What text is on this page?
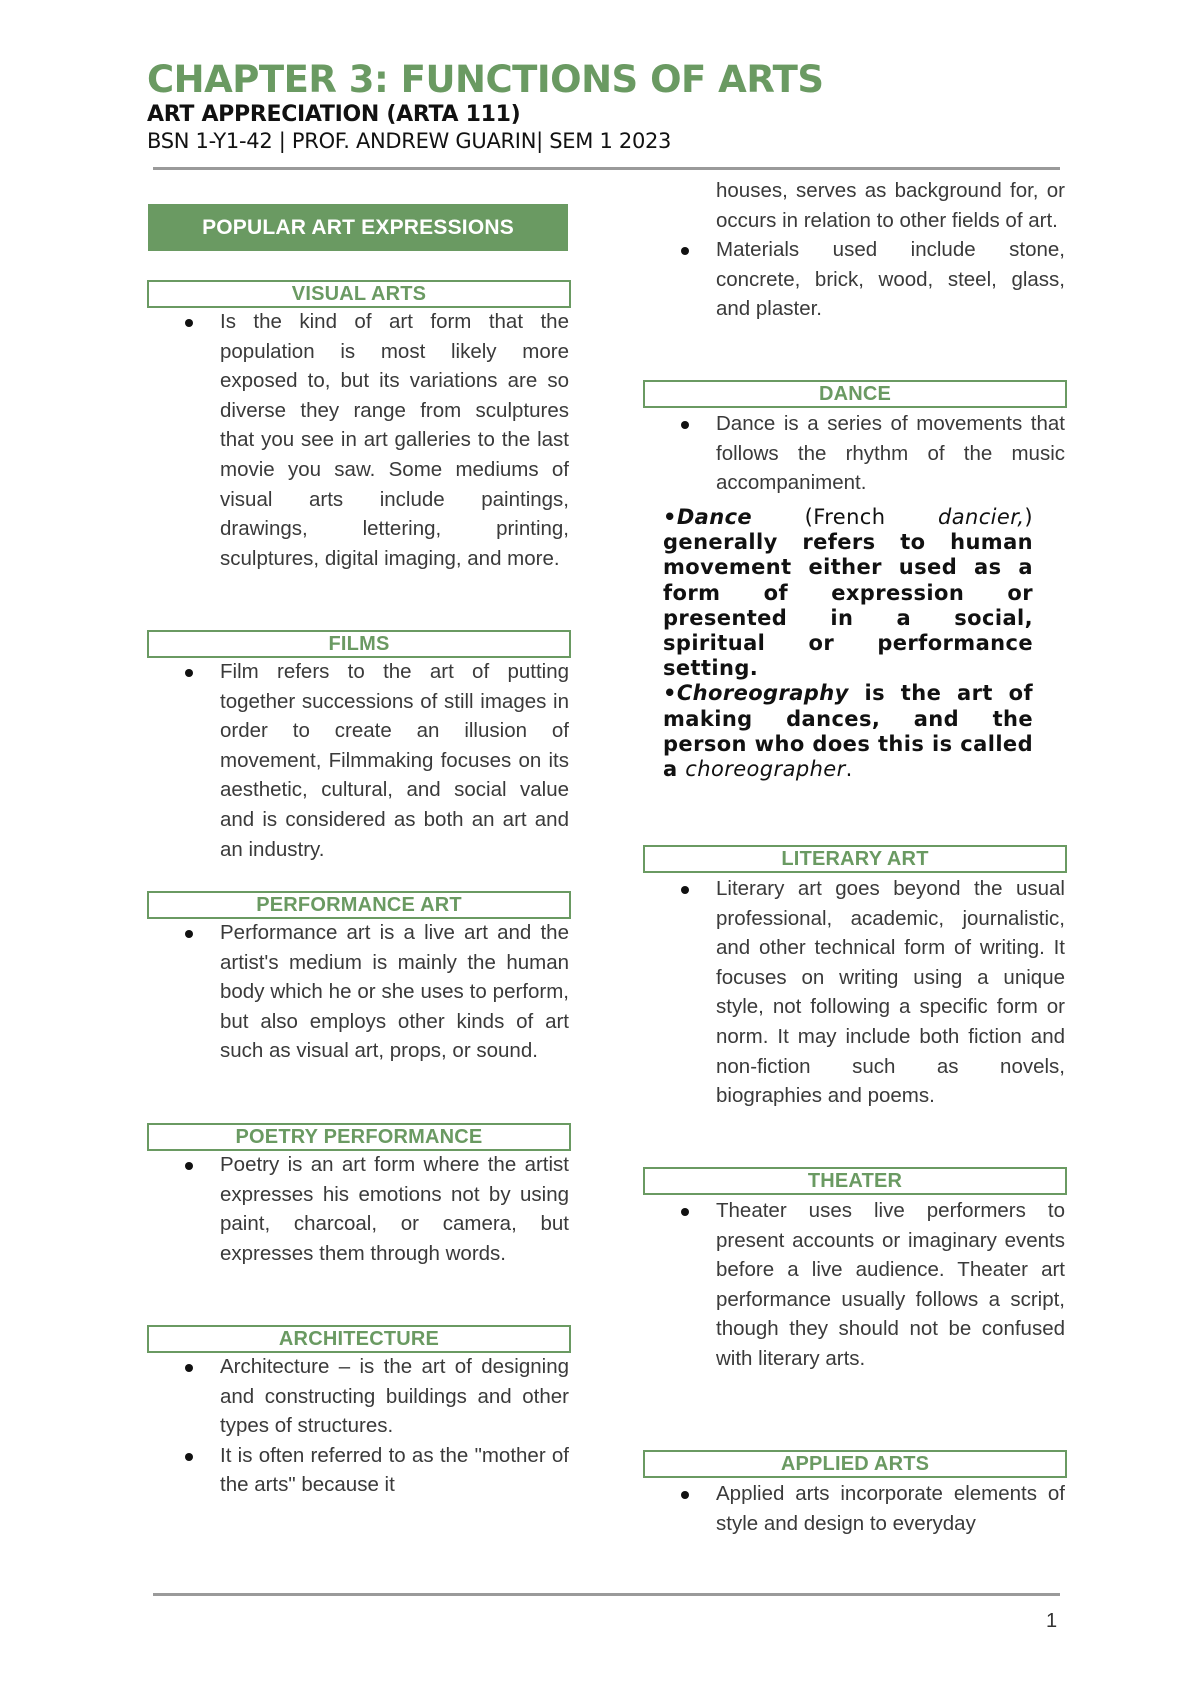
CHAPTER 3: FUNCTIONS OF ARTS
ART APPRECIATION (ARTA 111)
BSN 1-Y1-42 | PROF. ANDREW GUARIN| SEM 1 2023
POPULAR ART EXPRESSIONS
VISUAL ARTS
Is the kind of art form that the population is most likely more exposed to, but its variations are so diverse they range from sculptures that you see in art galleries to the last movie you saw. Some mediums of visual arts include paintings, drawings, lettering, printing, sculptures, digital imaging, and more.
FILMS
Film refers to the art of putting together successions of still images in order to create an illusion of movement, Filmmaking focuses on its aesthetic, cultural, and social value and is considered as both an art and an industry.
PERFORMANCE ART
Performance art is a live art and the artist's medium is mainly the human body which he or she uses to perform, but also employs other kinds of art such as visual art, props, or sound.
POETRY PERFORMANCE
Poetry is an art form where the artist expresses his emotions not by using paint, charcoal, or camera, but expresses them through words.
ARCHITECTURE
Architecture – is the art of designing and constructing buildings and other types of structures.
It is often referred to as the "mother of the arts" because it
houses, serves as background for, or occurs in relation to other fields of art.
Materials used include stone, concrete, brick, wood, steel, glass, and plaster.
DANCE
Dance is a series of movements that follows the rhythm of the music accompaniment.
•Dance (French dancier,) generally refers to human movement either used as a form of expression or presented in a social, spiritual or performance setting.
•Choreography is the art of making dances, and the person who does this is called a choreographer.
LITERARY ART
Literary art goes beyond the usual professional, academic, journalistic, and other technical form of writing. It focuses on writing using a unique style, not following a specific form or norm. It may include both fiction and non-fiction such as novels, biographies and poems.
THEATER
Theater uses live performers to present accounts or imaginary events before a live audience. Theater art performance usually follows a script, though they should not be confused with literary arts.
APPLIED ARTS
Applied arts incorporate elements of style and design to everyday
1
